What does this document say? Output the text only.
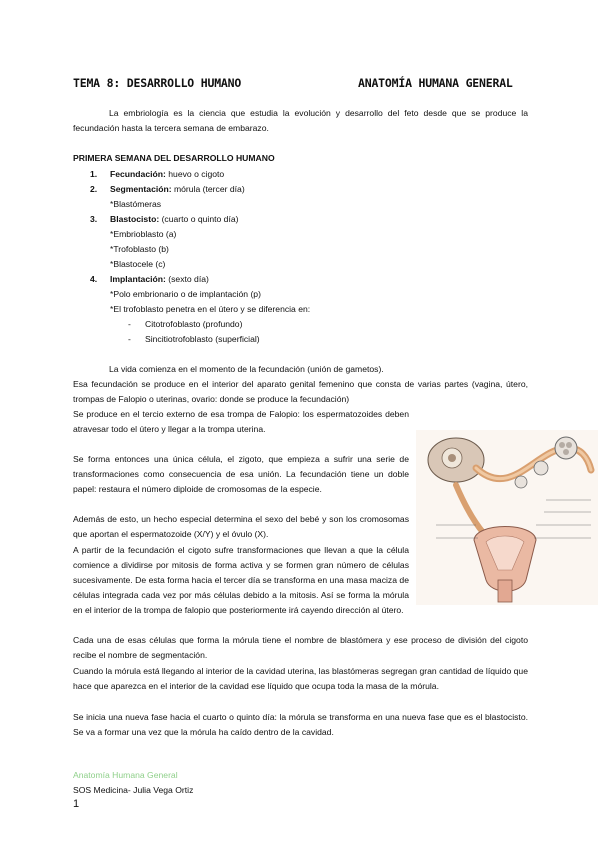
TEMA 8: DESARROLLO HUMANO	ANATOMÍA HUMANA GENERAL
La embriología es la ciencia que estudia la evolución y desarrollo del feto desde que se produce la fecundación hasta la tercera semana de embarazo.
PRIMERA SEMANA DEL DESARROLLO HUMANO
1. Fecundación: huevo o cigoto
2. Segmentación: mórula (tercer día)
*Blastómeras
3. Blastocisto: (cuarto o quinto día)
*Embrioblasto (a)
*Trofoblasto (b)
*Blastocele (c)
4. Implantación: (sexto día)
*Polo embrionario o de implantación (p)
*El trofoblasto penetra en el útero y se diferencia en:
- Citotrofoblasto (profundo)
- Sincitiotrofoblasto (superficial)
La vida comienza en el momento de la fecundación (unión de gametos).
Esa fecundación se produce en el interior del aparato genital femenino que consta de varias partes (vagina, útero, trompas de Falopio o uterinas, ovario: donde se produce la fecundación)
Se produce en el tercio externo de esa trompa de Falopio: los espermatozoides deben atravesar todo el útero y llegar a la trompa uterina.
Se forma entonces una única célula, el zigoto, que empieza a sufrir una serie de transformaciones como consecuencia de esa unión. La fecundación tiene un doble papel: restaura el número diploide de cromosomas de la especie.
Además de esto, un hecho especial determina el sexo del bebé y son los cromosomas que aportan el espermatozoide (X/Y) y el óvulo (X).
A partir de la fecundación el cigoto sufre transformaciones que llevan a que la célula comience a dividirse por mitosis de forma activa y se formen gran número de células sucesivamente. De esta forma hacia el tercer día se transforma en una masa maciza de células integrada cada vez por más células debido a la mitosis. Así se forma la mórula en el interior de la trompa de falopio que posteriormente irá cayendo dirección al útero.
Cada una de esas células que forma la mórula tiene el nombre de blastómera y ese proceso de división del cigoto recibe el nombre de segmentación.
Cuando la mórula está llegando al interior de la cavidad uterina, las blastómeras segregan gran cantidad de líquido que hace que aparezca en el interior de la cavidad ese líquido que ocupa toda la masa de la mórula.
Se inicia una nueva fase hacia el cuarto o quinto día: la mórula se transforma en una nueva fase que es el blastocisto. Se va a formar una vez que la mórula ha caído dentro de la cavidad.
Anatomía Humana General
SOS Medicina- Julia Vega Ortiz
1
